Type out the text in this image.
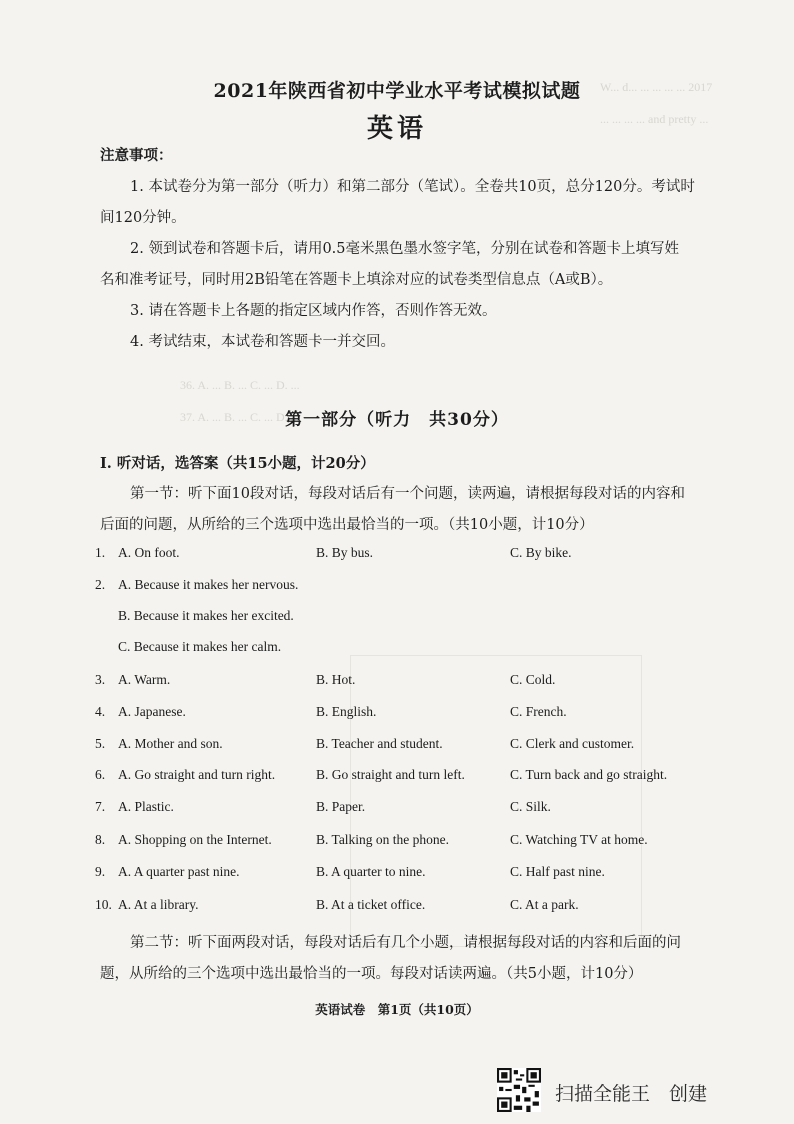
W... d... ... ... ... ... 2017
... ... ... ... and pretty ...
36. A. ... B. ... C. ... D. ...
37. A. ... B. ... C. ... D. ...
2021年陕西省初中学业水平考试模拟试题
英语
注意事项：
1. 本试卷分为第一部分（听力）和第二部分（笔试）。全卷共10页，总分120分。考试时
间120分钟。
2. 领到试卷和答题卡后，请用0.5毫米黑色墨水签字笔，分别在试卷和答题卡上填写姓
名和准考证号，同时用2B铅笔在答题卡上填涂对应的试卷类型信息点（A或B）。
3. 请在答题卡上各题的指定区域内作答，否则作答无效。
4. 考试结束，本试卷和答题卡一并交回。
第一部分（听力　共30分）
Ⅰ. 听对话，选答案（共15小题，计20分）
第一节：听下面10段对话，每段对话后有一个问题，读两遍，请根据每段对话的内容和
后面的问题，从所给的三个选项中选出最恰当的一项。（共10小题，计10分）
1. A. On foot.	B. By bus.	C. By bike.
2. A. Because it makes her nervous.
B. Because it makes her excited.
C. Because it makes her calm.
3. A. Warm.	B. Hot.	C. Cold.
4. A. Japanese.	B. English.	C. French.
5. A. Mother and son.	B. Teacher and student.	C. Clerk and customer.
6. A. Go straight and turn right.	B. Go straight and turn left.	C. Turn back and go straight.
7. A. Plastic.	B. Paper.	C. Silk.
8. A. Shopping on the Internet.	B. Talking on the phone.	C. Watching TV at home.
9. A. A quarter past nine.	B. A quarter to nine.	C. Half past nine.
10. A. At a library.	B. At a ticket office.	C. At a park.
第二节：听下面两段对话，每段对话后有几个小题，请根据每段对话的内容和后面的问
题，从所给的三个选项中选出最恰当的一项。每段对话读两遍。（共5小题，计10分）
英语试卷　第1页（共10页）
扫描全能王　创建
